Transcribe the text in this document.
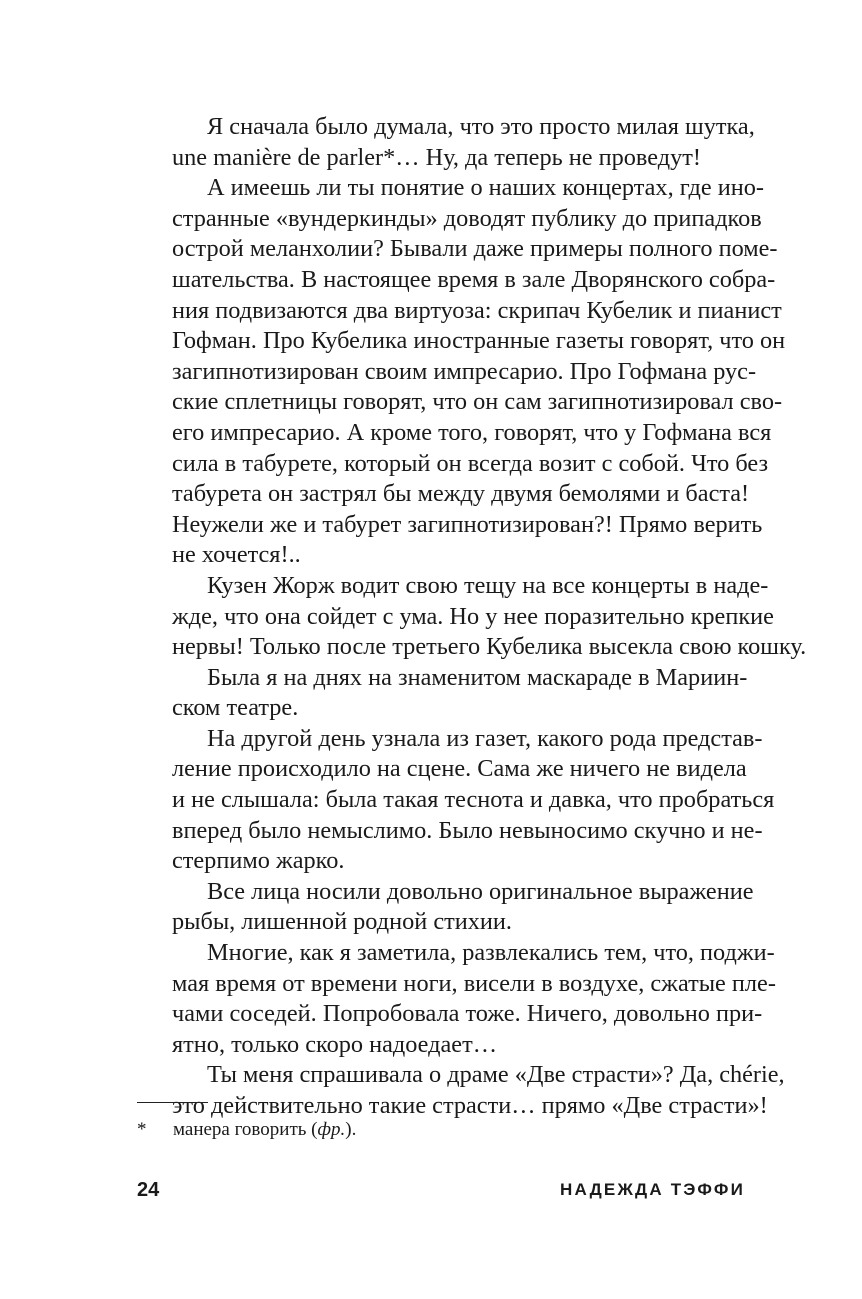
Я сначала было думала, что это просто милая шутка,
une manière de parler*… Ну, да теперь не проведут!
А имеешь ли ты понятие о наших концертах, где ино-
странные «вундеркинды» доводят публику до припадков
острой меланхолии? Бывали даже примеры полного поме-
шательства. В настоящее время в зале Дворянского собра-
ния подвизаются два виртуоза: скрипач Кубелик и пианист
Гофман. Про Кубелика иностранные газеты говорят, что он
загипнотизирован своим импресарио. Про Гофмана рус-
ские сплетницы говорят, что он сам загипнотизировал сво-
его импресарио. А кроме того, говорят, что у Гофмана вся
сила в табурете, который он всегда возит с собой. Что без
табурета он застрял бы между двумя бемолями и баста!
Неужели же и табурет загипнотизирован?! Прямо верить
не хочется!..
Кузен Жорж водит свою тещу на все концерты в наде-
жде, что она сойдет с ума. Но у нее поразительно крепкие
нервы! Только после третьего Кубелика высекла свою кошку.
Была я на днях на знаменитом маскараде в Мариин-
ском театре.
На другой день узнала из газет, какого рода представ-
ление происходило на сцене. Сама же ничего не видела
и не слышала: была такая теснота и давка, что пробраться
вперед было немыслимо. Было невыносимо скучно и не-
стерпимо жарко.
Все лица носили довольно оригинальное выражение
рыбы, лишенной родной стихии.
Многие, как я заметила, развлекались тем, что, поджи-
мая время от времени ноги, висели в воздухе, сжатые пле-
чами соседей. Попробовала тоже. Ничего, довольно при-
ятно, только скоро надоедает…
Ты меня спрашивала о драме «Две страсти»? Да, chérie,
это действительно такие страсти… прямо «Две страсти»!
* манера говорить (фр.).
24	НАДЕЖДА ТЭФФИ
